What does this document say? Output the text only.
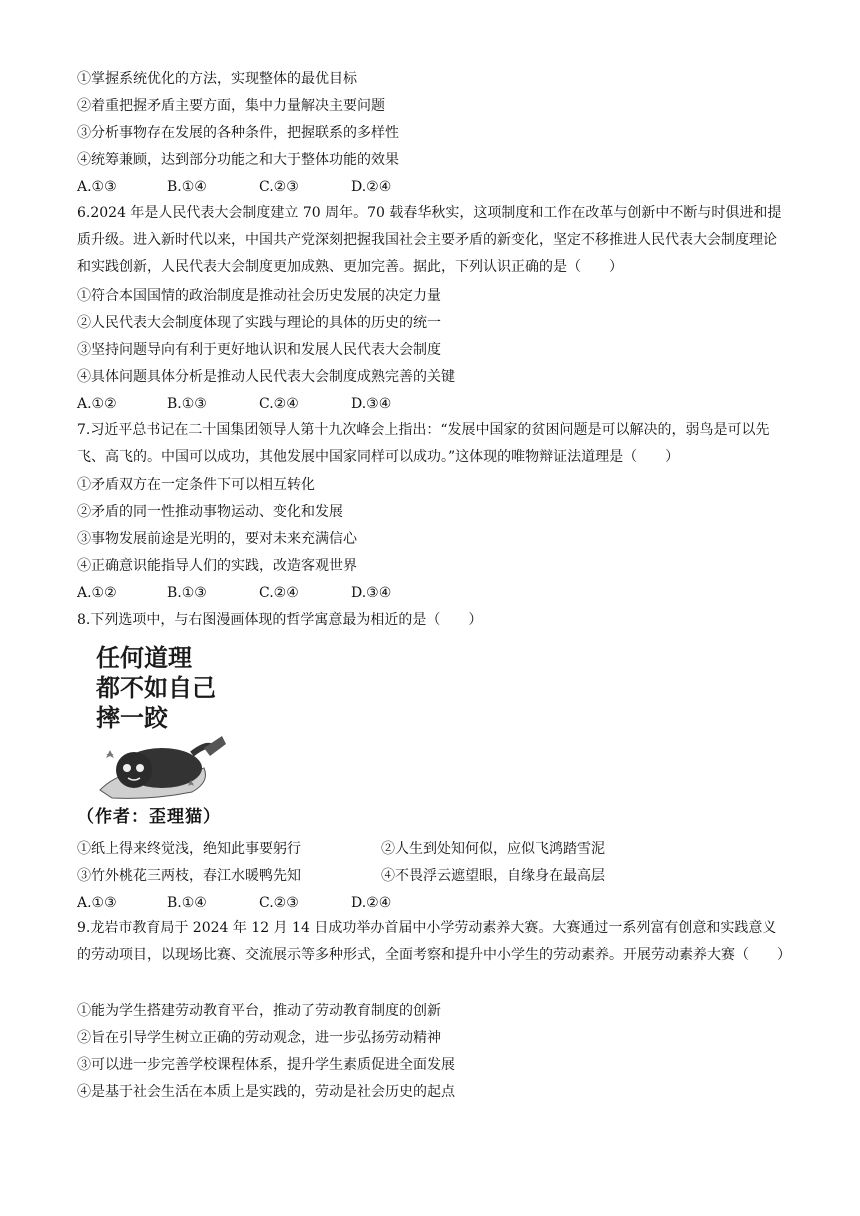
①掌握系统优化的方法，实现整体的最优目标
②着重把握矛盾主要方面，集中力量解决主要问题
③分析事物存在发展的各种条件，把握联系的多样性
④统筹兼顾，达到部分功能之和大于整体功能的效果
A.①③	B.①④	C.②③	D.②④
6.2024 年是人民代表大会制度建立 70 周年。70 载春华秋实，这项制度和工作在改革与创新中不断与时俱进和提质升级。进入新时代以来，中国共产党深刻把握我国社会主要矛盾的新变化，坚定不移推进人民代表大会制度理论和实践创新，人民代表大会制度更加成熟、更加完善。据此，下列认识正确的是（　　）
①符合本国国情的政治制度是推动社会历史发展的决定力量
②人民代表大会制度体现了实践与理论的具体的历史的统一
③坚持问题导向有利于更好地认识和发展人民代表大会制度
④具体问题具体分析是推动人民代表大会制度成熟完善的关键
A.①②	B.①③	C.②④	D.③④
7.习近平总书记在二十国集团领导人第十九次峰会上指出：“发展中国家的贫困问题是可以解决的，弱鸟是可以先飞、高飞的。中国可以成功，其他发展中国家同样可以成功。”这体现的唯物辩证法道理是（　　）
①矛盾双方在一定条件下可以相互转化
②矛盾的同一性推动事物运动、变化和发展
③事物发展前途是光明的，要对未来充满信心
④正确意识能指导人们的实践，改造客观世界
A.①②	B.①③	C.②④	D.③④
8.下列选项中，与右图漫画体现的哲学寓意最为相近的是（　　）
任何道理
都不如自己
摔一跤
（作者：歪理猫）
①纸上得来终觉浅，绝知此事要躬行	②人生到处知何似，应似飞鸿踏雪泥
③竹外桃花三两枝，春江水暖鸭先知	④不畏浮云遮望眼，自缘身在最高层
A.①③	B.①④	C.②③	D.②④
9.龙岩市教育局于 2024 年 12 月 14 日成功举办首届中小学劳动素养大赛。大赛通过一系列富有创意和实践意义的劳动项目，以现场比赛、交流展示等多种形式，全面考察和提升中小学生的劳动素养。开展劳动素养大赛（　　）
①能为学生搭建劳动教育平台，推动了劳动教育制度的创新
②旨在引导学生树立正确的劳动观念，进一步弘扬劳动精神
③可以进一步完善学校课程体系，提升学生素质促进全面发展
④是基于社会生活在本质上是实践的，劳动是社会历史的起点
